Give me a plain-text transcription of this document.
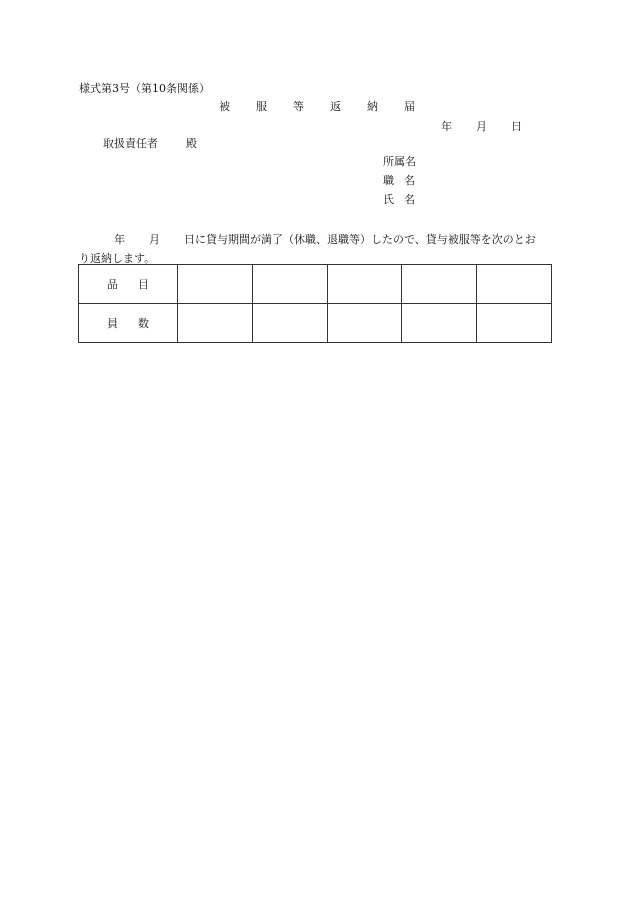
様式第3号（第10条関係）
被服等返納届
年月日
取扱責任者	殿
所属名
職名
氏名
年 月 日に貸与期間が満了（休職、退職等）したので、貸与被服等を次のとお
り返納します。
品目					
員数					
